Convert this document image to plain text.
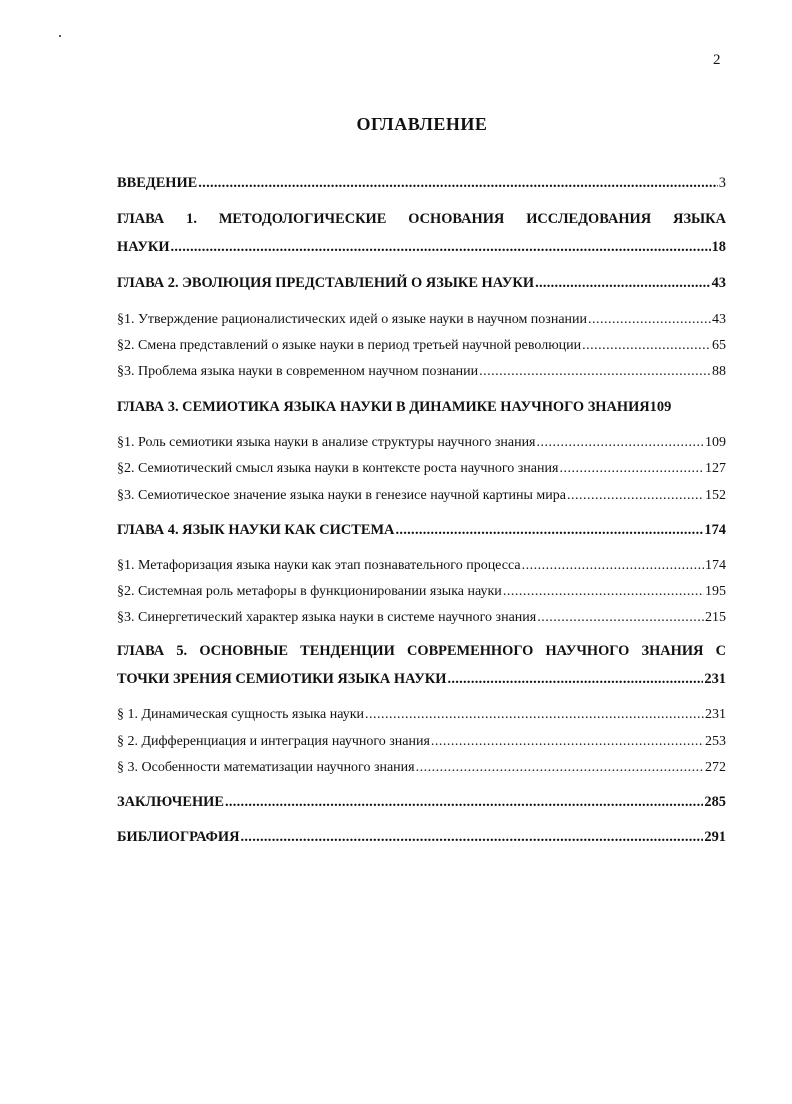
2
ОГЛАВЛЕНИЕ
ВВЕДЕНИЕ .....	3
ГЛАВА 1. МЕТОДОЛОГИЧЕСКИЕ ОСНОВАНИЯ ИССЛЕДОВАНИЯ ЯЗЫКА
НАУКИ .....	18
ГЛАВА 2. ЭВОЛЮЦИЯ ПРЕДСТАВЛЕНИЙ О ЯЗЫКЕ НАУКИ .....	43
§1. Утверждение рационалистических идей о языке науки в научном познании .....	43
§2. Смена представлений о языке науки в период третьей научной революции .....	65
§3. Проблема языка науки в современном научном познании .....	88
ГЛАВА 3. СЕМИОТИКА ЯЗЫКА НАУКИ В ДИНАМИКЕ НАУЧНОГО ЗНАНИЯ 109
§1. Роль семиотики языка науки в анализе структуры научного знания .....	109
§2. Семиотический смысл языка науки в контексте роста научного знания .....	127
§3. Семиотическое значение языка науки в генезисе научной картины мира .....	152
ГЛАВА 4. ЯЗЫК НАУКИ КАК СИСТЕМА .....	174
§1. Метафоризация языка науки как этап познавательного процесса .....	174
§2. Системная роль метафоры в функционировании языка науки .....	195
§3. Синергетический характер языка науки в системе научного знания .....	215
ГЛАВА 5. ОСНОВНЫЕ ТЕНДЕНЦИИ СОВРЕМЕННОГО НАУЧНОГО ЗНАНИЯ С
ТОЧКИ ЗРЕНИЯ СЕМИОТИКИ ЯЗЫКА НАУКИ .....	231
§ 1. Динамическая сущность языка науки .....	231
§ 2. Дифференциация и интеграция научного знания .....	253
§ 3. Особенности математизации научного знания .....	272
ЗАКЛЮЧЕНИЕ .....	285
БИБЛИОГРАФИЯ .....	291
